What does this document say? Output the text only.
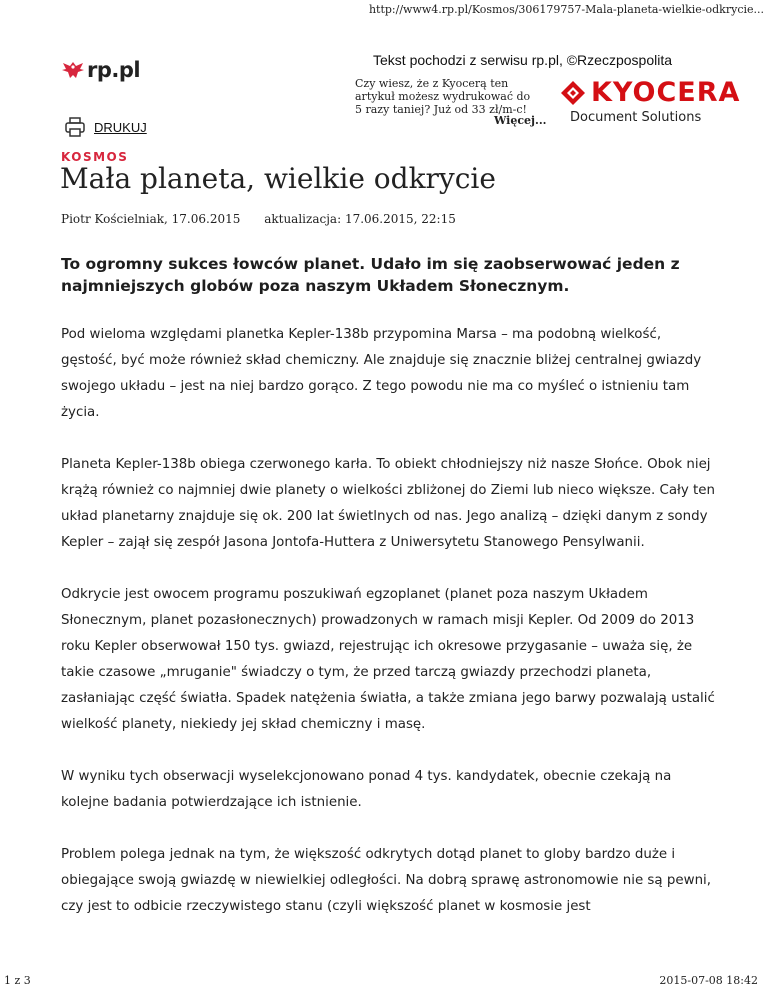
http://www4.rp.pl/Kosmos/306179757-Mala-planeta-wielkie-odkrycie...
rp.pl	Tekst pochodzi z serwisu rp.pl, ©Rzeczpospolita
Czy wiesz, że z Kyocerą ten
artykuł możesz wydrukować do
5 razy taniej? Już od 33 zł/m-c!
Więcej...
KYOCERA
Document Solutions
DRUKUJ
KOSMOS
Mała planeta, wielkie odkrycie
Piotr Kościelniak, 17.06.2015 aktualizacja: 17.06.2015, 22:15

To ogromny sukces łowców planet. Udało im się zaobserwować jeden z najmniejszych globów poza naszym Układem Słonecznym.

Pod wieloma względami planetka Kepler-138b przypomina Marsa – ma podobną wielkość, gęstość, być może również skład chemiczny. Ale znajduje się znacznie bliżej centralnej gwiazdy swojego układu – jest na niej bardzo gorąco. Z tego powodu nie ma co myśleć o istnieniu tam życia.

Planeta Kepler-138b obiega czerwonego karła. To obiekt chłodniejszy niż nasze Słońce. Obok niej krążą również co najmniej dwie planety o wielkości zbliżonej do Ziemi lub nieco większe. Cały ten układ planetarny znajduje się ok. 200 lat świetlnych od nas. Jego analizą – dzięki danym z sondy Kepler – zajął się zespół Jasona Jontofa-Huttera z Uniwersytetu Stanowego Pensylwanii.

Odkrycie jest owocem programu poszukiwań egzoplanet (planet poza naszym Układem Słonecznym, planet pozasłonecznych) prowadzonych w ramach misji Kepler. Od 2009 do 2013 roku Kepler obserwował 150 tys. gwiazd, rejestrując ich okresowe przygasanie – uważa się, że takie czasowe „mruganie" świadczy o tym, że przed tarczą gwiazdy przechodzi planeta, zasłaniając część światła. Spadek natężenia światła, a także zmiana jego barwy pozwalają ustalić wielkość planety, niekiedy jej skład chemiczny i masę.

W wyniku tych obserwacji wyselekcjonowano ponad 4 tys. kandydatek, obecnie czekają na kolejne badania potwierdzające ich istnienie.

Problem polega jednak na tym, że większość odkrytych dotąd planet to globy bardzo duże i obiegające swoją gwiazdę w niewielkiej odległości. Na dobrą sprawę astronomowie nie są pewni, czy jest to odbicie rzeczywistego stanu (czyli większość planet w kosmosie jest

1 z 3	2015-07-08 18:42
